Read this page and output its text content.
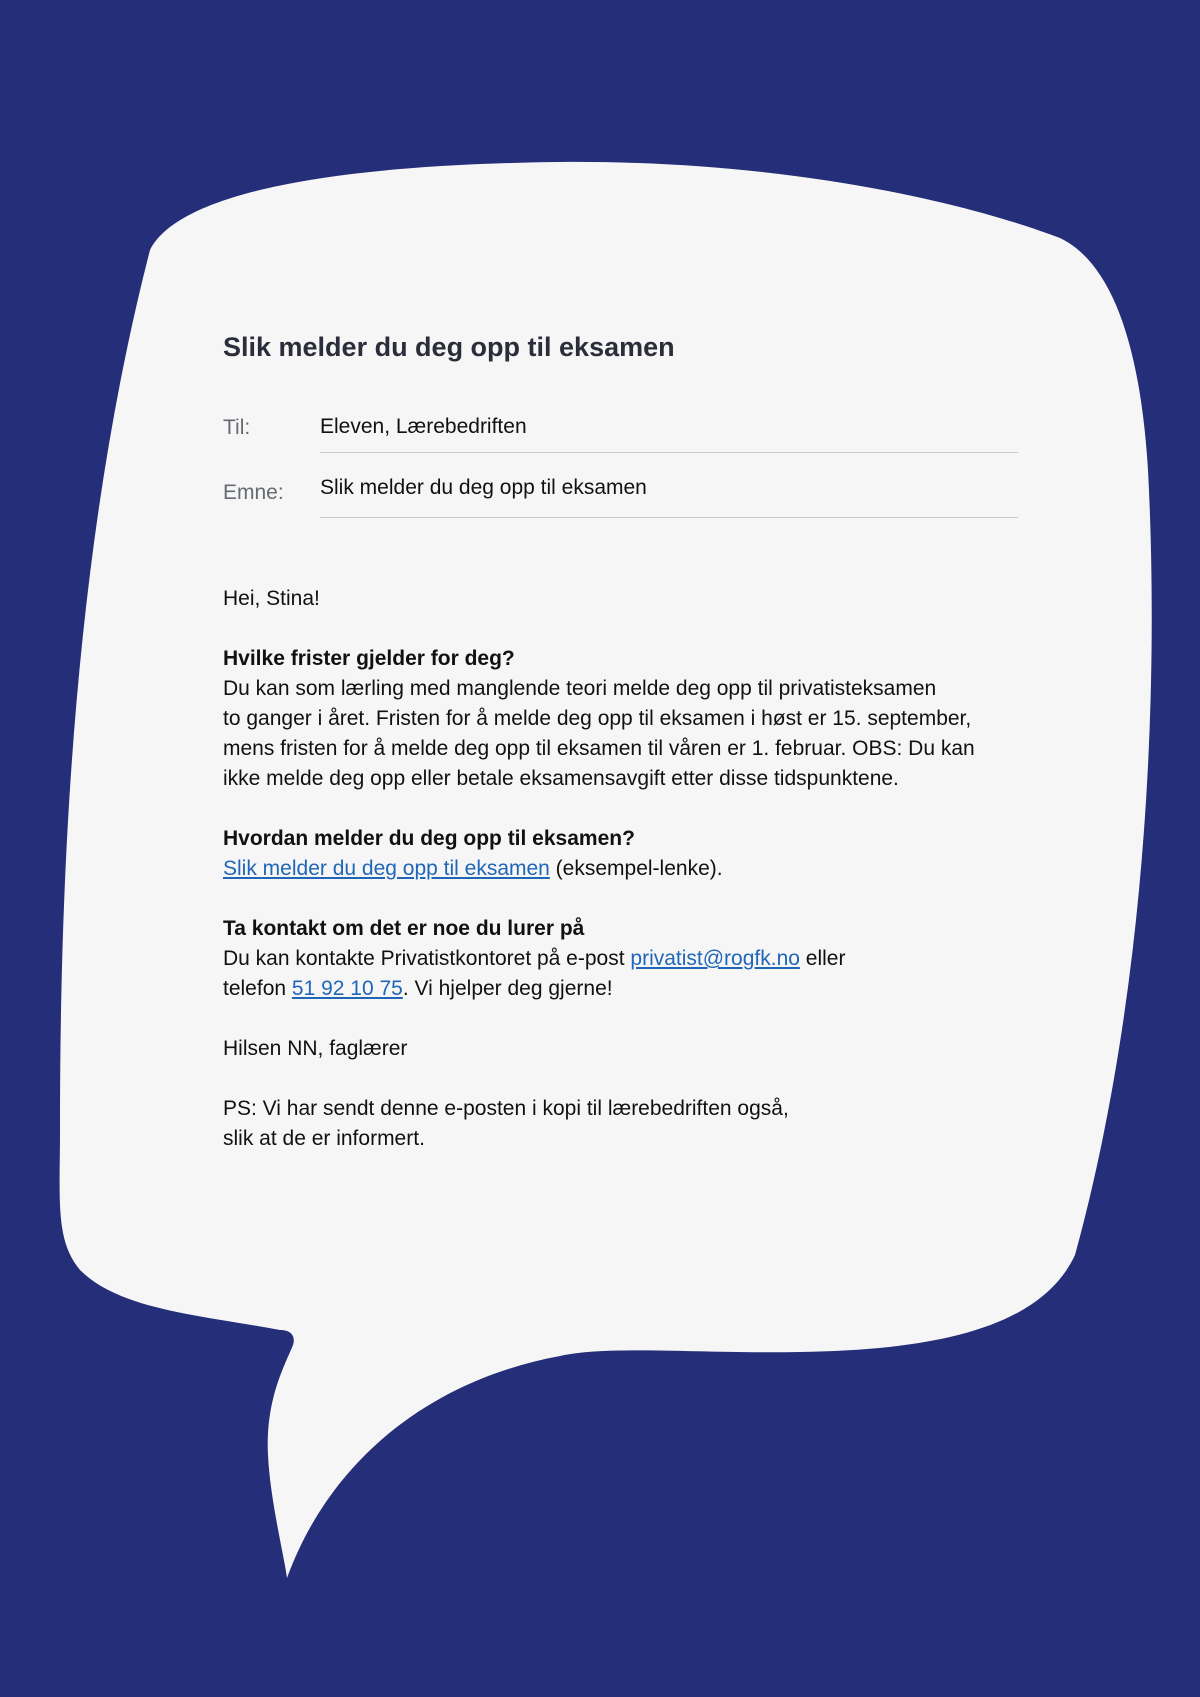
Slik melder du deg opp til eksamen
Til:	Eleven, Lærebedriften
Emne:	Slik melder du deg opp til eksamen

Hei, Stina!

Hvilke frister gjelder for deg?

Du kan som lærling med manglende teori melde deg opp til privatisteksamen
to ganger i året. Fristen for å melde deg opp til eksamen i høst er 15. september,
mens fristen for å melde deg opp til eksamen til våren er 1. februar. OBS: Du kan
ikke melde deg opp eller betale eksamensavgift etter disse tidspunktene.

Hvordan melder du deg opp til eksamen?

Slik melder du deg opp til eksamen (eksempel-lenke).

Ta kontakt om det er noe du lurer på

Du kan kontakte Privatistkontoret på e-post privatist@rogfk.no eller
telefon 51 92 10 75. Vi hjelper deg gjerne!

Hilsen NN, faglærer

PS: Vi har sendt denne e-posten i kopi til lærebedriften også,
slik at de er informert.
